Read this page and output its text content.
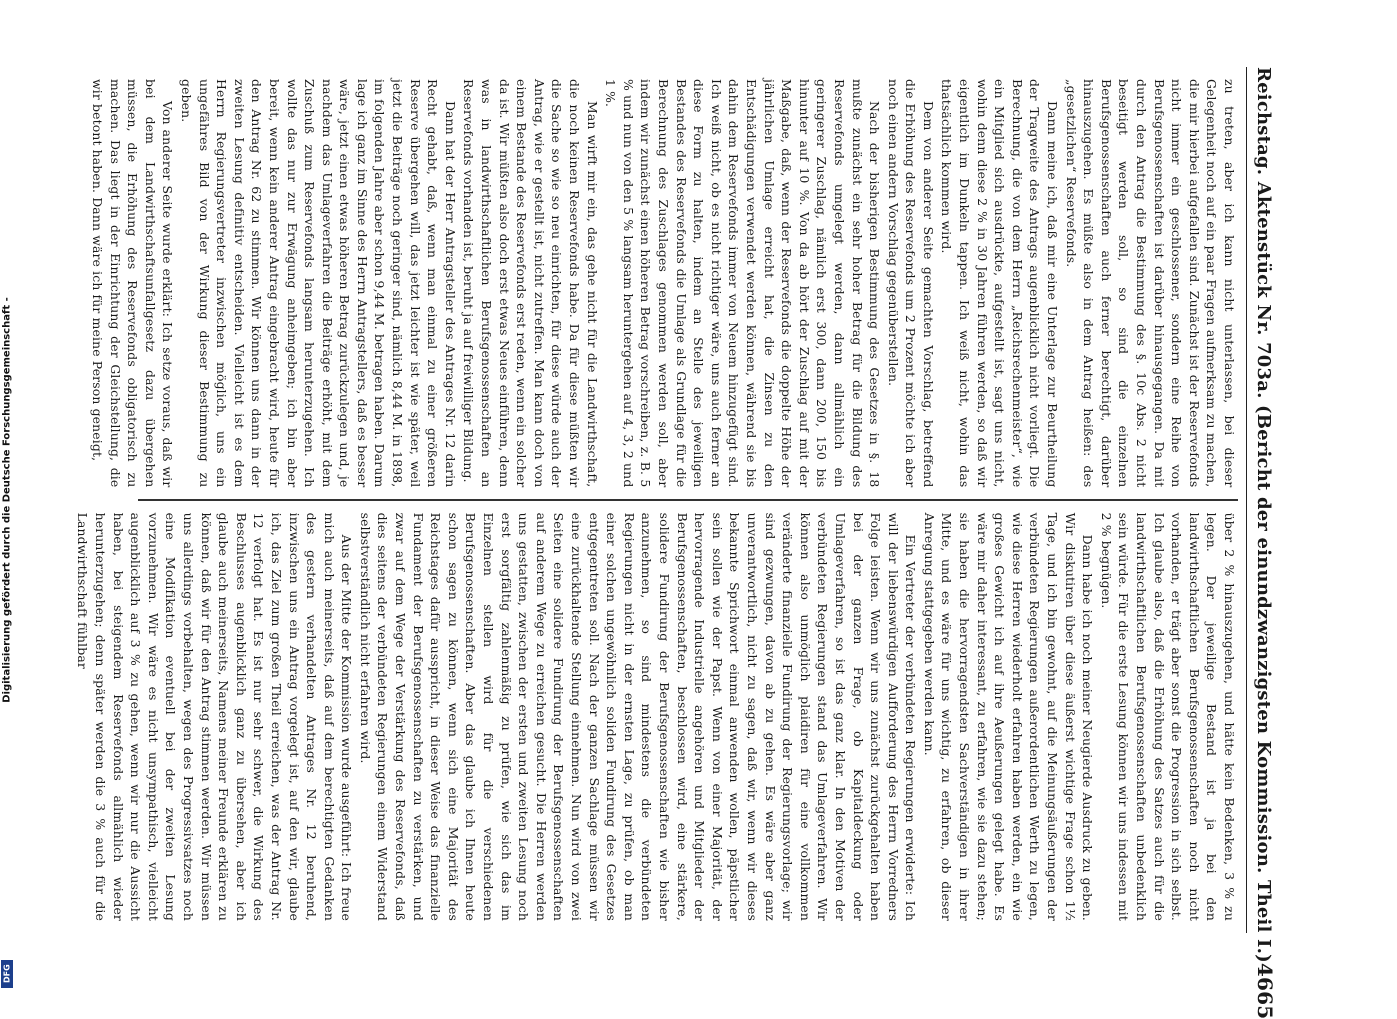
Digitalisierung gefördert durch die Deutsche Forschungsgemeinschaft -
DFG
Reichstag. Aktenstück Nr. 703a. (Bericht der einundzwanzigsten Kommission. Theil I.)
4665

zu treten, aber ich kann nicht unterlassen, bei dieser Gelegenheit noch auf ein paar Fragen aufmerksam zu machen, die mir hierbei aufgefallen sind. Zunächst ist der Reservefonds nicht immer ein geschlossener, sondern eine Reihe von Berufsgenossenschaften ist darüber hinausgegangen. Da mit durch den Antrag die Bestimmung des §. 10c Abs. 2 nicht beseitigt werden soll, so sind die einzelnen Berufsgenossenschaften auch ferner berechtigt, darüber hinauszugehen. Es müßte also in dem Antrag heißen: des „gesetzlichen“ Reservefonds.

Dann meine ich, daß mir eine Unterlage zur Beurtheilung der Tragweite des Antrags augenblicklich nicht vorliegt. Die Berechnung, die von dem Herrn „Reichsrechenmeister“, wie ein Mitglied sich ausdrückte, aufgestellt ist, sagt uns nicht, wohin denn diese 2 % in 30 Jahren führen werden, so daß wir eigentlich im Dunkeln tappen. Ich weiß nicht, wohin das thatsächlich kommen wird.

Dem von anderer Seite gemachten Vorschlag, betreffend die Erhöhung des Reservefonds um 2 Prozent möchte ich aber noch einen andern Vorschlag gegenüberstellen.

Nach der bisherigen Bestimmung des Gesetzes in §. 18 mußte zunächst ein sehr hoher Betrag für die Bildung des Reservefonds umgelegt werden, dann allmählich ein geringerer Zuschlag, nämlich erst 300, dann 200, 150 bis hinunter auf 10 %. Von da ab hört der Zuschlag auf mit der Maßgabe, daß, wenn der Reservefonds die doppelte Höhe der jährlichen Umlage erreicht hat, die Zinsen zu den Entschädigungen verwendet werden können, während sie bis dahin dem Reservefonds immer von Neuem hinzugefügt sind. Ich weiß nicht, ob es nicht richtiger wäre, uns auch ferner an diese Form zu halten, indem an Stelle des jeweiligen Bestandes des Reservefonds die Umlage als Grundlage für die Berechnung des Zuschlages genommen werden soll, aber indem wir zunächst einen höheren Betrag vorschreiben, z. B. 5 % und nun von den 5 % langsam heruntergehen auf 4, 3, 2 und 1 %.

Man wirft mir ein, das gehe nicht für die Landwirthschaft, die noch keinen Reservefonds habe. Da für diese müßten wir die Sache so wie so neu einrichten, für diese würde auch der Antrag, wie er gestellt ist, nicht zutreffen. Man kann doch von einem Bestande des Reservefonds erst reden, wenn ein solcher da ist. Wir müßten also doch erst etwas Neues einführen, denn was in landwirthschaftlichen Berufsgenossenschaften an Reservefonds vorhanden ist, beruht ja auf freiwilliger Bildung.

Dann hat der Herr Antragsteller des Antrages Nr. 12 darin Recht gehabt, daß, wenn man einmal zu einer größeren Reserve übergehen will, das jetzt leichter ist wie später, weil jetzt die Beiträge noch geringer sind, nämlich 8,44 M. in 1898, im folgenden Jahre aber schon 9,44 M. betragen haben. Darum lage ich ganz im Sinne des Herrn Antragstellers, daß es besser wäre, jetzt einen etwas höheren Betrag zurückzulegen und, je nachdem das Umlageverfahren die Beiträge erhöht, mit dem Zuschuß zum Reservefonds langsam herunterzugehen. Ich wollte das nur zur Erwägung anheimgeben; ich bin aber bereit, wenn kein anderer Antrag eingebracht wird, heute für den Antrag Nr. 62 zu stimmen. Wir können uns dann in der zweiten Lesung definitiv entscheiden. Vielleicht ist es dem Herrn Regierungsvertreter inzwischen möglich, uns ein ungefähres Bild von der Wirkung dieser Bestimmung zu geben.

Von anderer Seite wurde erklärt: Ich setze voraus, daß wir bei dem Landwirthschaftsunfallgesetz dazu übergehen müssen, die Erhöhung des Reservefonds obligatorisch zu machen. Das liegt in der Einrichtung der Gleichstellung, die wir betont haben. Dann wäre ich für meine Person geneigt,

über 2 % hinauszugehen, und hätte kein Bedenken, 3 % zu legen. Der jeweilige Bestand ist ja bei den landwirthschaftlichen Berufsgenossenschaften noch nicht vorhanden, er trägt aber sonst die Progression in sich selbst. Ich glaube also, daß die Erhöhung des Satzes auch für die landwirthschaftlichen Berufsgenossenschaften unbedenklich sein würde. Für die erste Lesung können wir uns indessen mit 2 % begnügen.

Dann habe ich noch meiner Neugierde Ausdruck zu geben. Wir diskutiren über diese äußerst wichtige Frage schon 1½ Tage, und ich bin gewohnt, auf die Meinungsäußerungen der verbündeten Regierungen außerordentlichen Werth zu legen, wie diese Herren wiederholt erfahren haben werden, ein wie großes Gewicht ich auf ihre Aeußerungen gelegt habe. Es wäre mir daher interessant, zu erfahren, wie sie dazu stehen; sie haben die hervorragendsten Sachverständigen in ihrer Mitte, und es wäre für uns wichtig, zu erfahren, ob dieser Anregung stattgegeben werden kann.

Ein Vertreter der verbündeten Regierungen erwiderte: Ich will der liebenswürdigen Aufforderung des Herrn Vorredners Folge leisten. Wenn wir uns zunächst zurückgehalten haben bei der ganzen Frage, ob Kapitaldeckung oder Umlageverfahren, so ist das ganz klar. In den Motiven der verbündeten Regierungen stand das Umlageverfahren. Wir können also unmöglich plaidiren für eine vollkommen veränderte finanzielle Fundirung der Regierungsvorlage; wir sind gezwungen, davon ab zu gehen. Es wäre aber ganz unverantwortlich, nicht zu sagen, daß wir, wenn wir dieses bekannte Sprichwort einmal anwenden wollen, päpstlicher sein sollen wie der Papst. Wenn von einer Majorität, der hervorragende Industrielle angehören und Mitglieder der Berufsgenossenschaften, beschlossen wird, eine stärkere, solidere Fundirung der Berufsgenossenschaften wie bisher anzunehmen, so sind mindestens die verbündeten Regierungen nicht in der ernsten Lage, zu prüfen, ob man einer solchen ungewöhnlich soliden Fundirung des Gesetzes entgegentreten soll. Nach der ganzen Sachlage müssen wir eine zurückhaltende Stellung einnehmen. Nun wird von zwei Seiten eine solidere Fundirung der Berufsgenossenschaften auf anderem Wege zu erreichen gesucht. Die Herren werden uns gestatten, zwischen der ersten und zweiten Lesung noch erst sorgfältig zahlenmäßig zu prüfen, wie sich das im Einzelnen stellen wird für die verschiedenen Berufsgenossenschaften. Aber das glaube ich Ihnen heute schon sagen zu können, wenn sich eine Majorität des Reichstages dafür ausspricht, in dieser Weise das finanzielle Fundament der Berufsgenossenschaften zu verstärken, und zwar auf dem Wege der Verstärkung des Reservefonds, daß dies seitens der verbündeten Regierungen einem Widerstand selbstverständlich nicht erfahren wird.

Aus der Mitte der Kommission wurde ausgeführt: Ich freue mich auch meinerseits, daß auf dem berechtigten Gedanken des gestern verhandelten Antrages Nr. 12 beruhend, inzwischen uns ein Antrag vorgelegt ist, auf den wir, glaube ich, das Ziel zum großen Theil erreichen, was der Antrag Nr. 12 verfolgt hat. Es ist nur sehr schwer, die Wirkung des Beschlusses augenblicklich ganz zu übersehen, aber ich glaube auch meinerseits, Namens meiner Freunde erklären zu können, daß wir für den Antrag stimmen werden. Wir müssen uns allerdings vorbehalten, wegen des Progressivsatzes noch eine Modifikation eventuell bei der zweiten Lesung vorzunehmen. Wir wäre es nicht unsympathisch, vielleicht augenblicklich auf 3 % zu gehen, wenn wir nur die Aussicht haben, bei steigendem Reservefonds allmählich wieder herunterzugehen; denn später werden die 3 % auch für die Landwirthschaft fühlbar
